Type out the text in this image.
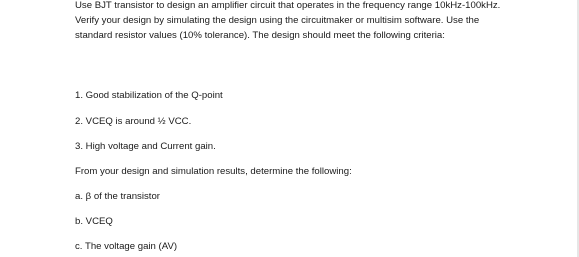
Use BJT transistor to design an amplifier circuit that operates in the frequency range 10kHz-100kHz.

Verify your design by simulating the design using the circuitmaker or multisim software. Use the

standard resistor values (10% tolerance). The design should meet the following criteria:

1. Good stabilization of the Q-point

2. VCEQ is around ½ VCC.

3. High voltage and Current gain.

From your design and simulation results, determine the following:

a. β of the transistor

b. VCEQ

c. The voltage gain (AV)
